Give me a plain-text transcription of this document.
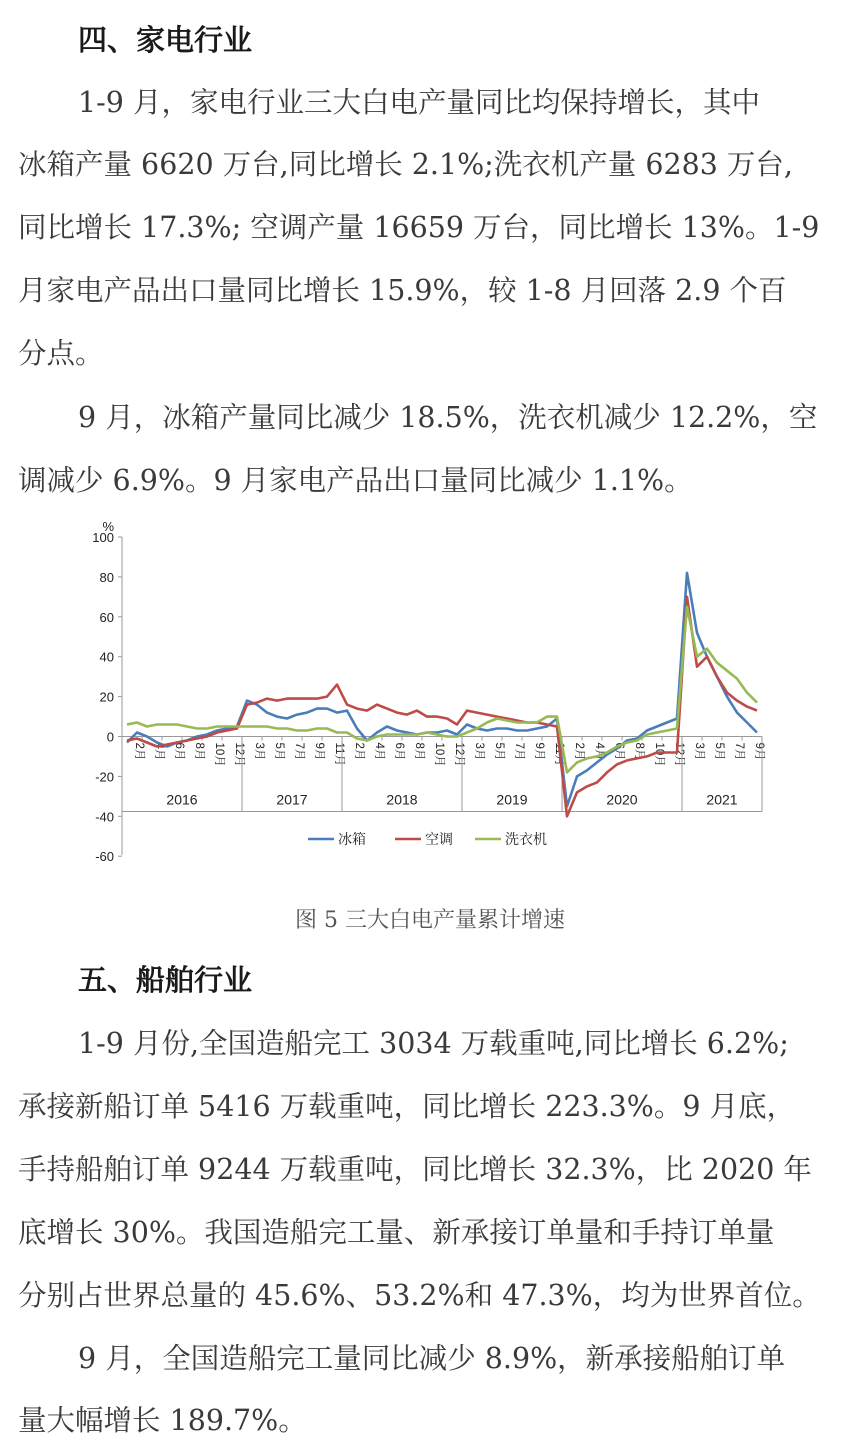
四、家电行业

1-9 月，家电行业三大白电产量同比均保持增长，其中

冰箱产量 6620 万台,同比增长 2.1%;洗衣机产量 6283 万台,

同比增长 17.3%; 空调产量 16659 万台，同比增长 13%。1-9

月家电产品出口量同比增长 15.9%，较 1-8 月回落 2.9 个百

分点。

9 月，冰箱产量同比减少 18.5%，洗衣机减少 12.2%，空

调减少 6.9%。9 月家电产品出口量同比减少 1.1%。

100
80
60
40
20
0
-20
-40
-60
%
2月 4月 6月 8月 10月 12月 3月 5月 7月 9月 11月 2月 4月 6月 8月 10月 12月 3月 5月 7月 9月 11月 2月 4月 6月 8月 10月 12月 3月 5月 7月 9月
2016	2017	2018	2019	2020	2021
冰箱	空调	洗衣机
图 5 三大白电产量累计增速
五、船舶行业

1-9 月份,全国造船完工 3034 万载重吨,同比增长 6.2%;

承接新船订单 5416 万载重吨，同比增长 223.3%。9 月底，

手持船舶订单 9244 万载重吨，同比增长 32.3%，比 2020 年

底增长 30%。我国造船完工量、新承接订单量和手持订单量

分别占世界总量的 45.6%、53.2%和 47.3%，均为世界首位。

9 月，全国造船完工量同比减少 8.9%，新承接船舶订单

量大幅增长 189.7%。
